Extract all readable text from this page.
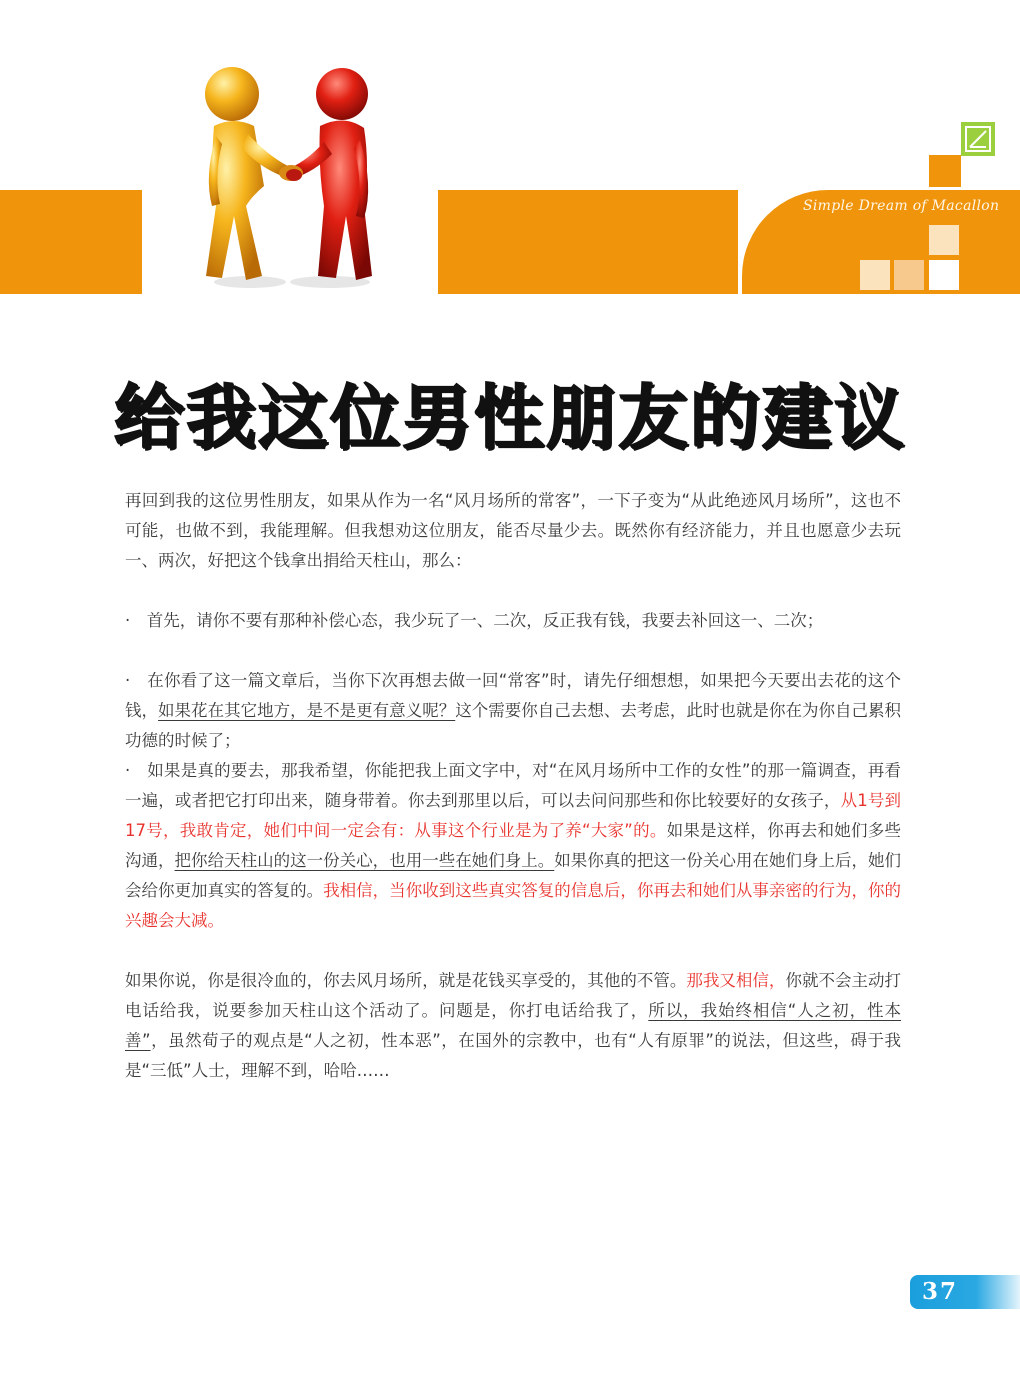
Simple Dream of Macallon
给我这位男性朋友的建议

再回到我的这位男性朋友，如果从作为一名“风月场所的常客”，一下子变为“从此绝迹风月场所”，这也不可能，也做不到，我能理解。但我想劝这位朋友，能否尽量少去。既然你有经济能力，并且也愿意少去玩一、两次，好把这个钱拿出捐给天柱山，那么：

·　首先，请你不要有那种补偿心态，我少玩了一、二次，反正我有钱，我要去补回这一、二次；

·　在你看了这一篇文章后，当你下次再想去做一回“常客”时，请先仔细想想，如果把今天要出去花的这个钱，如果花在其它地方，是不是更有意义呢？这个需要你自己去想、去考虑，此时也就是你在为你自己累积功德的时候了；

·　如果是真的要去，那我希望，你能把我上面文字中，对“在风月场所中工作的女性”的那一篇调查，再看一遍，或者把它打印出来，随身带着。你去到那里以后，可以去问问那些和你比较要好的女孩子，从1号到17号，我敢肯定，她们中间一定会有：从事这个行业是为了养“大家”的。如果是这样，你再去和她们多些沟通，把你给天柱山的这一份关心，也用一些在她们身上。如果你真的把这一份关心用在她们身上后，她们会给你更加真实的答复的。我相信，当你收到这些真实答复的信息后，你再去和她们从事亲密的行为，你的兴趣会大减。

如果你说，你是很冷血的，你去风月场所，就是花钱买享受的，其他的不管。那我又相信，你就不会主动打电话给我，说要参加天柱山这个活动了。问题是，你打电话给我了，所以，我始终相信“人之初，性本善”，虽然荀子的观点是“人之初，性本恶”，在国外的宗教中，也有“人有原罪”的说法，但这些，碍于我是“三低”人士，理解不到，哈哈……

37
